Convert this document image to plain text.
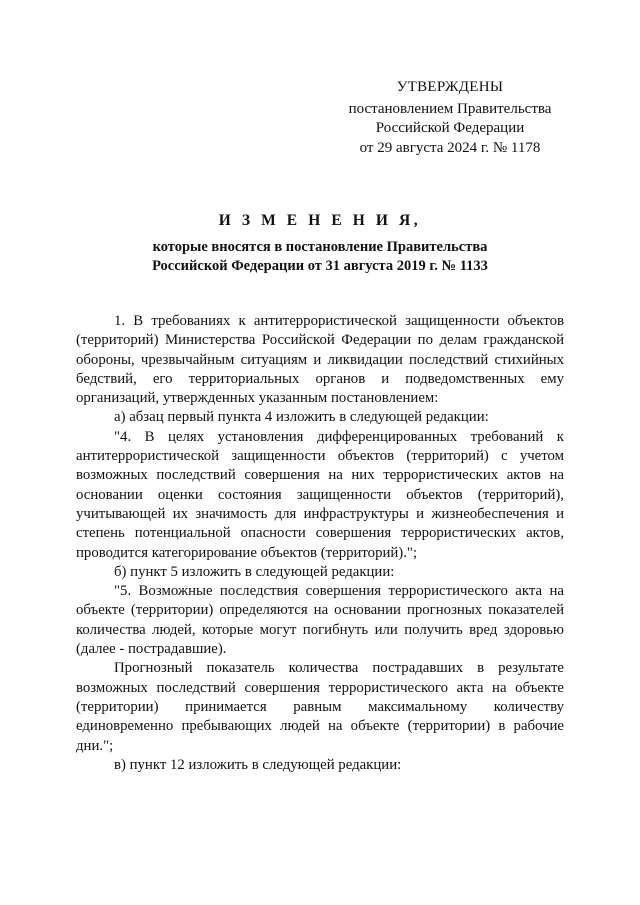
УТВЕРЖДЕНЫ
постановлением Правительства
Российской Федерации
от 29 августа 2024 г. № 1178
И З М Е Н Е Н И Я,
которые вносятся в постановление Правительства
Российской Федерации от 31 августа 2019 г. № 1133

1. В требованиях к антитеррористической защищенности объектов (территорий) Министерства Российской Федерации по делам гражданской обороны, чрезвычайным ситуациям и ликвидации последствий стихийных бедствий, его территориальных органов и подведомственных ему организаций, утвержденных указанным постановлением:

а) абзац первый пункта 4 изложить в следующей редакции:

"4. В целях установления дифференцированных требований к антитеррористической защищенности объектов (территорий) с учетом возможных последствий совершения на них террористических актов на основании оценки состояния защищенности объектов (территорий), учитывающей их значимость для инфраструктуры и жизнеобеспечения и степень потенциальной опасности совершения террористических актов, проводится категорирование объектов (территорий).";

б) пункт 5 изложить в следующей редакции:

"5. Возможные последствия совершения террористического акта на объекте (территории) определяются на основании прогнозных показателей количества людей, которые могут погибнуть или получить вред здоровью (далее - пострадавшие).

Прогнозный показатель количества пострадавших в результате возможных последствий совершения террористического акта на объекте (территории) принимается равным максимальному количеству единовременно пребывающих людей на объекте (территории) в рабочие дни.";

в) пункт 12 изложить в следующей редакции:
